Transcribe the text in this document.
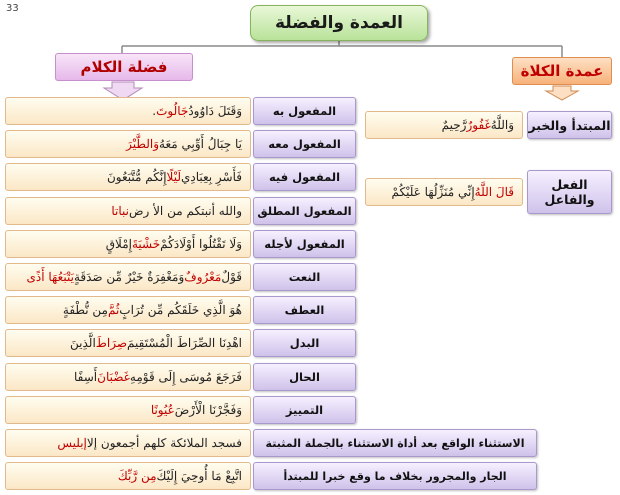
33
العمدة والفضلة
فضلة الكلام	عمدة الكلاة
وَقَتَلَ دَاوُودُ
جَالُوتَ
.	المفعول به
يَا جِبَالُ أَوِّبِي مَعَهُ
وَالطَّيْرَ	المفعول معه
فَأَسْرِ بِعِبَادِي
لَيْلًا
إِنَّكُم مُّتَّبَعُونَ	المفعول فيه
والله أنبتكم من الأ رض
نباتا	المفعول المطلق
وَلَا تَقْتُلُوا أَوْلَادَكُمْ
خَشْيَةَ
إِمْلَاقٍ	المفعول لأجله
قَوْلٌ
مَعْرُوفٌ
وَمَغْفِرَةٌ خَيْرٌ مِّن صَدَقَةٍ
يَتْبَعُهَا أَذًى	النعت
هُوَ الَّذِي خَلَقَكُم مِّن تُرَابٍ
ثُمَّ
مِن نُّطْفَةٍ	العطف
اهْدِنَا الصِّرَاطَ الْمُسْتَقِيمَ
صِرَاطَ
الَّذِينَ	البدل
فَرَجَعَ مُوسَى إِلَى قَوْمِهِ
غَضْبَانَ
أَسِفًا	الحال
وَفَجَّرْنَا الْأَرْضَ
عُيُونًا	التمييز
وَاللَّهُ
غَفُورٌ
رَّحِيمٌ	المبتدأ والخبر
قَالَ اللَّهُ
إِنِّي مُنَزِّلُهَا عَلَيْكُمْ	الفعل
والفاعل
فسجد الملائكة كلهم أجمعون إلا
إبليس	الاستثناء الواقع بعد أداة الاستثناء بالجملة المثبتة
اتَّبِعْ مَا أُوحِيَ إِلَيْكَ
مِن رَّبِّكَ	الجار والمجرور بخلاف ما وقع خبرا للمبتدأ
